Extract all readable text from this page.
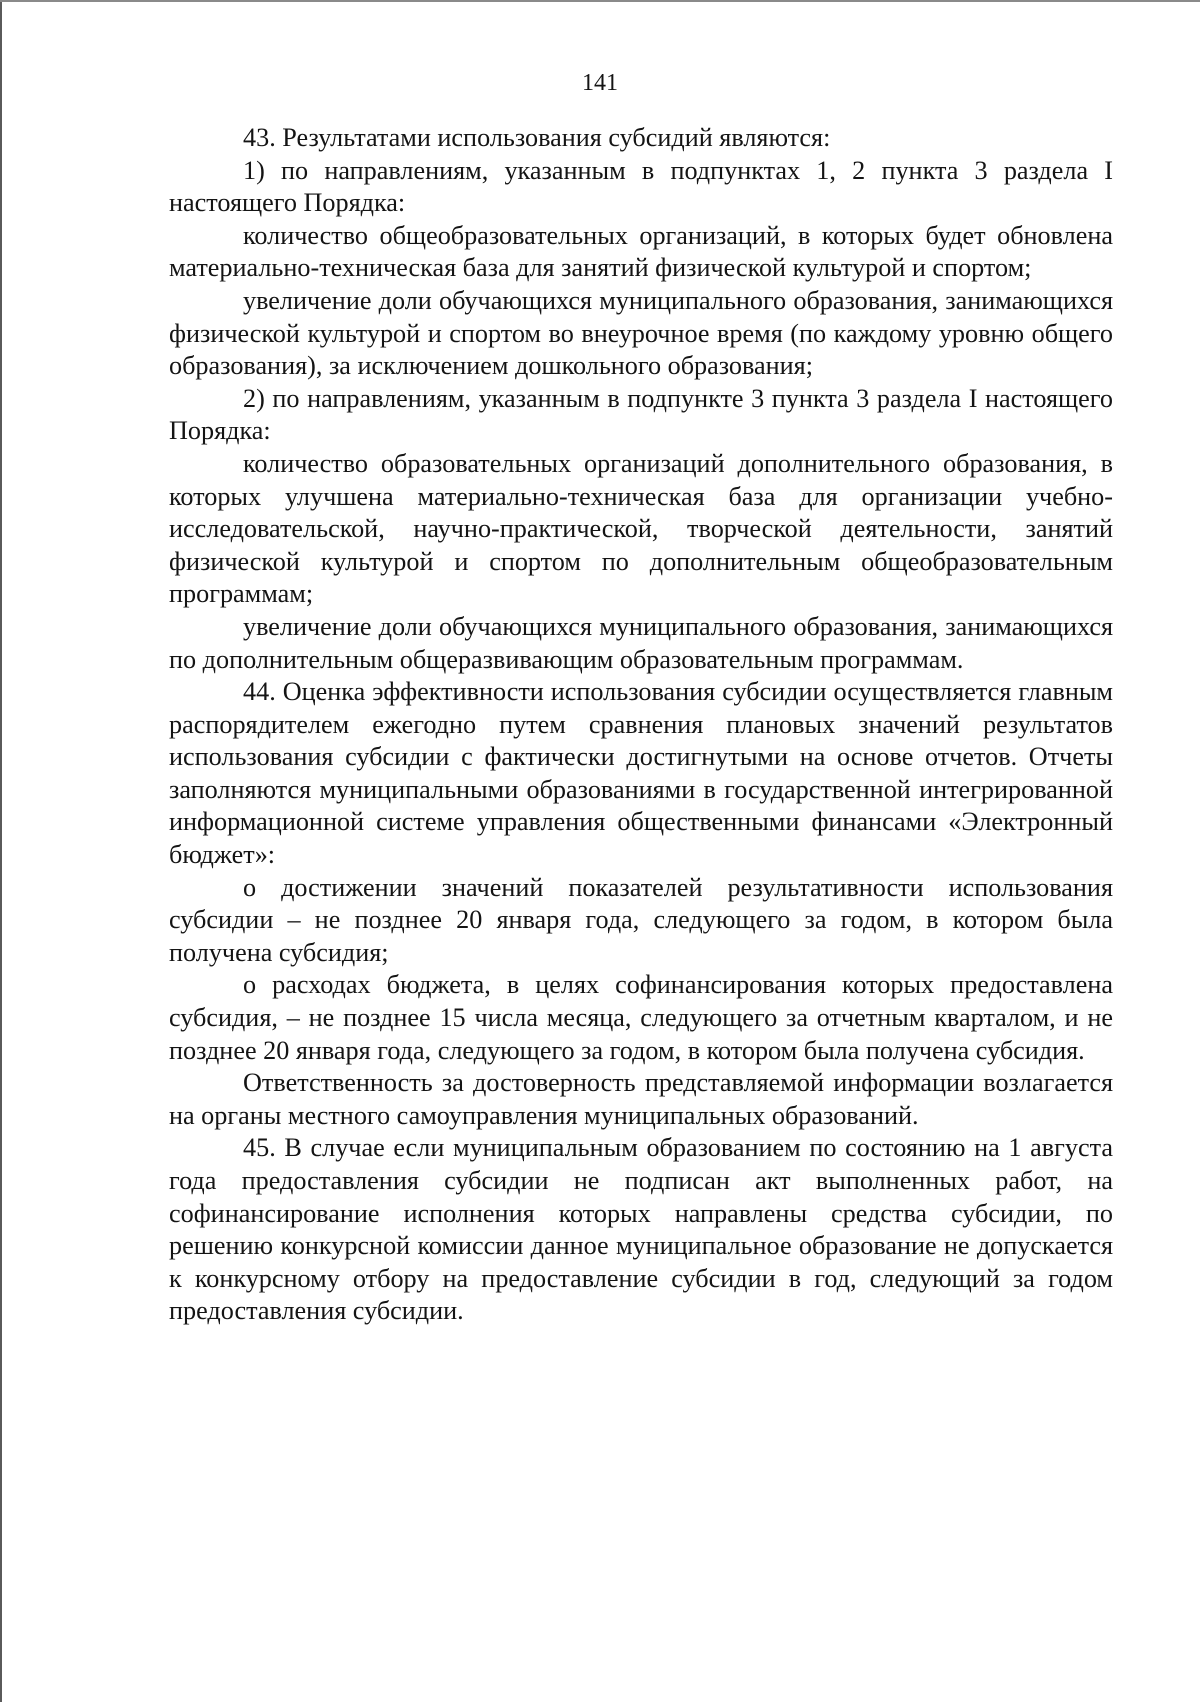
141

43. Результатами использования субсидий являются:

1) по направлениям, указанным в подпунктах 1, 2 пункта 3 раздела I настоящего Порядка:

количество общеобразовательных организаций, в которых будет обновлена материально-техническая база для занятий физической культурой и спортом;

увеличение доли обучающихся муниципального образования, занимающихся физической культурой и спортом во внеурочное время (по каждому уровню общего образования), за исключением дошкольного образования;

2) по направлениям, указанным в подпункте 3 пункта 3 раздела I настоящего Порядка:

количество образовательных организаций дополнительного образования, в которых улучшена материально-техническая база для организации учебно-исследовательской, научно-практической, творческой деятельности, занятий физической культурой и спортом по дополнительным общеобразовательным программам;

увеличение доли обучающихся муниципального образования, занимающихся по дополнительным общеразвивающим образовательным программам.

44. Оценка эффективности использования субсидии осуществляется главным распорядителем ежегодно путем сравнения плановых значений результатов использования субсидии с фактически достигнутыми на основе отчетов. Отчеты заполняются муниципальными образованиями в государственной интегрированной информационной системе управления общественными финансами «Электронный бюджет»:

о достижении значений показателей результативности использования субсидии – не позднее 20 января года, следующего за годом, в котором была получена субсидия;

о расходах бюджета, в целях софинансирования которых предоставлена субсидия, – не позднее 15 числа месяца, следующего за отчетным кварталом, и не позднее 20 января года, следующего за годом, в котором была получена субсидия.

Ответственность за достоверность представляемой информации возлагается на органы местного самоуправления муниципальных образований.

45. В случае если муниципальным образованием по состоянию на 1 августа года предоставления субсидии не подписан акт выполненных работ, на софинансирование исполнения которых направлены средства субсидии, по решению конкурсной комиссии данное муниципальное образование не допускается к конкурсному отбору на предоставление субсидии в год, следующий за годом предоставления субсидии.
